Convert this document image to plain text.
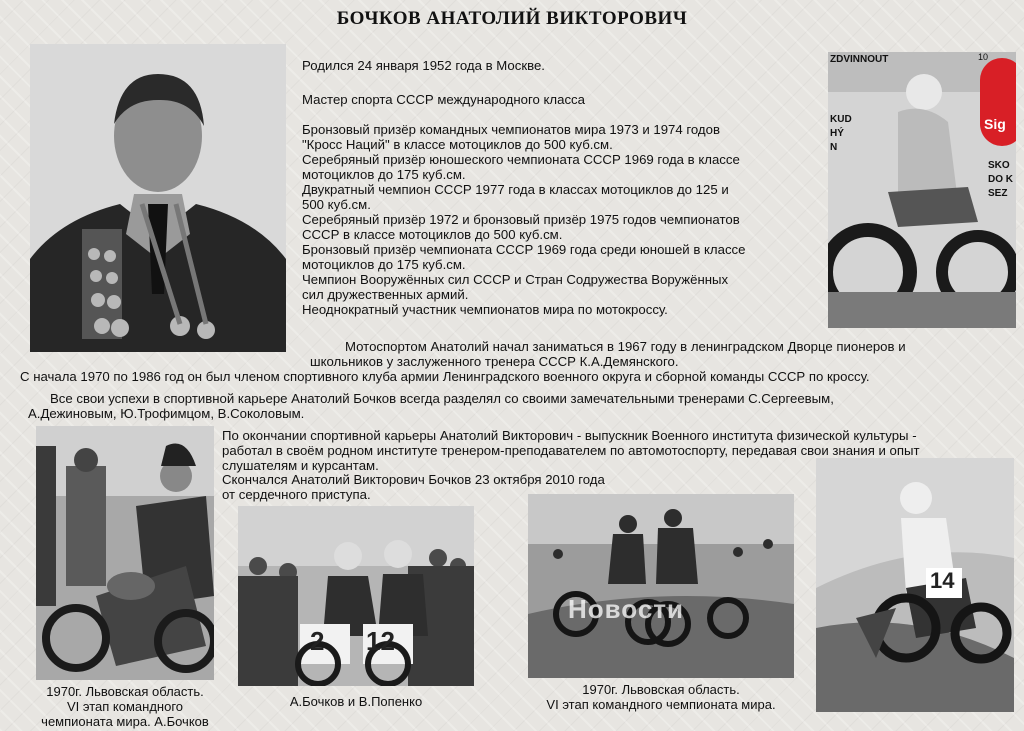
БОЧКОВ АНАТОЛИЙ ВИКТОРОВИЧ
10
ZDVINNOUT
KUD
HÝ
N
Sig
SKO
DO K
SEZ
Родился 24 января 1952 года в Москве.
Мастер спорта СССР международного класса
Бронзовый призёр командных чемпионатов мира 1973 и 1974 годов
"Кросс Наций" в классе мотоциклов до 500 куб.см.
Серебряный призёр юношеского чемпионата СССР 1969 года в классе
мотоциклов до 175 куб.см.
Двукратный чемпион СССР 1977 года в классах мотоциклов до 125 и
500 куб.см.
Серебряный призёр 1972 и бронзовый призёр 1975 годов чемпионатов
СССР в классе мотоциклов до 500 куб.см.
Бронзовый призёр чемпионата СССР 1969 года среди юношей в классе
мотоциклов до 175 куб.см.
Чемпион Вооружённых сил СССР и Стран Содружества Воружённых
сил дружественных армий.
Неоднократный участник чемпионатов мира по мотокроссу.
Мотоспортом Анатолий начал заниматься в 1967 году в ленинградском Дворце пионеров и
школьников у заслуженного тренера СССР К.А.Демянского.
С начала 1970 по 1986 год он был членом спортивного клуба армии Ленинградского военного округа и сборной команды СССР по кроссу.
Все свои успехи в спортивной карьере Анатолий Бочков всегда разделял со своими замечательными тренерами С.Сергеевым,
А.Дежиновым, Ю.Трофимцом, В.Соколовым.
По окончании спортивной карьеры Анатолий Викторович - выпускник Военного института физической культуры -
работал в своём родном институте тренером-преподавателем по автомотоспорту, передавая свои знания и опыт
слушателям и курсантам.
Скончался Анатолий Викторович Бочков 23 октября 2010 года
от сердечного приступа.
1970г. Львовская область.
VI этап командного
чемпионата мира. А.Бочков
2 12
А.Бочков и В.Попенко
Новости
1970г. Львовская область.
VI этап командного чемпионата мира.
14
